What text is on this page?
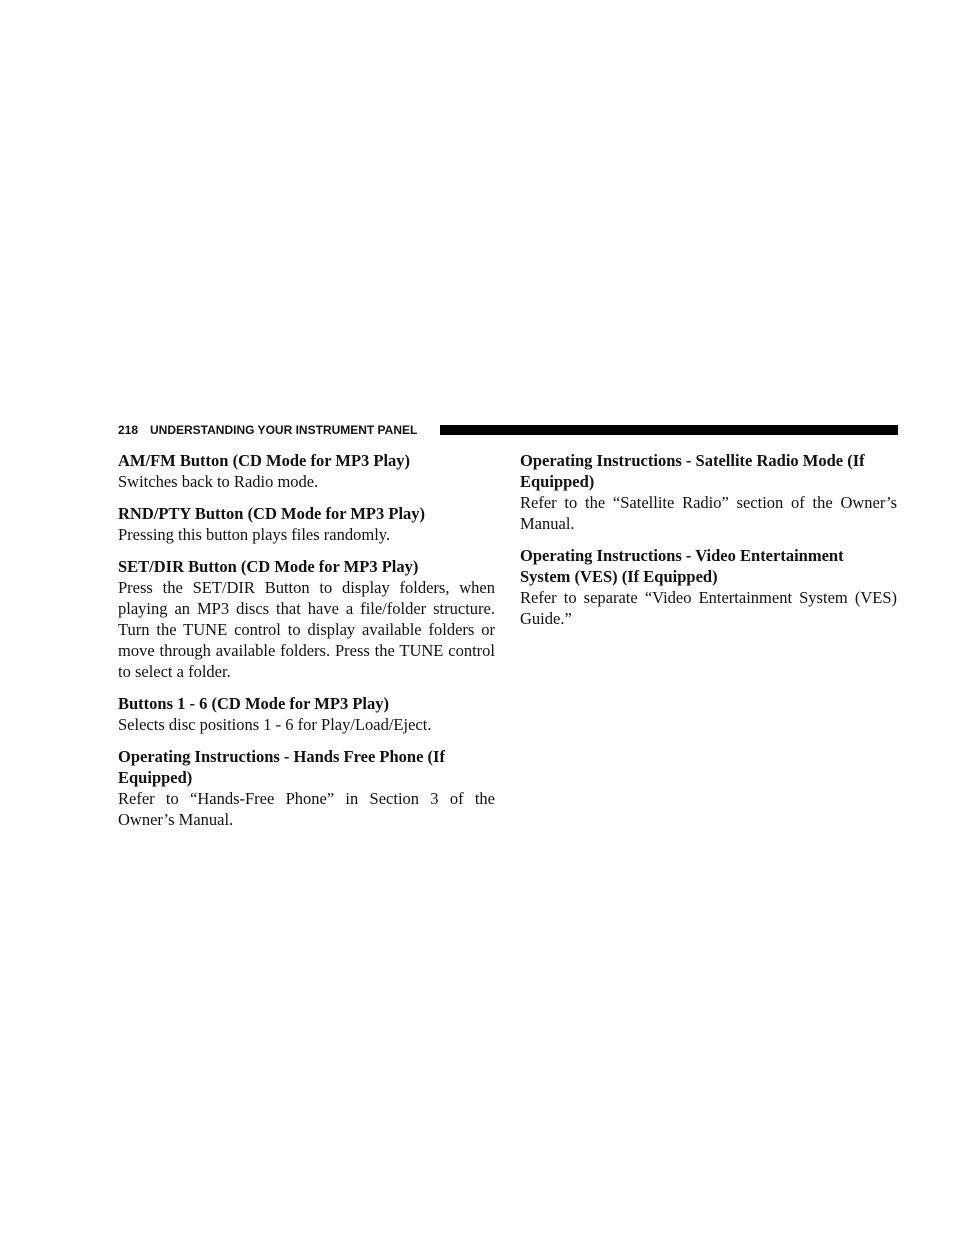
218 UNDERSTANDING YOUR INSTRUMENT PANEL
AM/FM Button (CD Mode for MP3 Play)

Switches back to Radio mode.

RND/PTY Button (CD Mode for MP3 Play)

Pressing this button plays files randomly.

SET/DIR Button (CD Mode for MP3 Play)

Press the SET/DIR Button to display folders, when playing an MP3 discs that have a file/folder structure. Turn the TUNE control to display available folders or move through available folders. Press the TUNE control to select a folder.

Buttons 1 - 6 (CD Mode for MP3 Play)

Selects disc positions 1 - 6 for Play/Load/Eject.

Operating Instructions - Hands Free Phone (If Equipped)

Refer to “Hands-Free Phone” in Section 3 of the Owner’s Manual.

Operating Instructions - Satellite Radio Mode (If Equipped)

Refer to the “Satellite Radio” section of the Owner’s Manual.

Operating Instructions - Video Entertainment System (VES) (If Equipped)

Refer to separate “Video Entertainment System (VES) Guide.”
